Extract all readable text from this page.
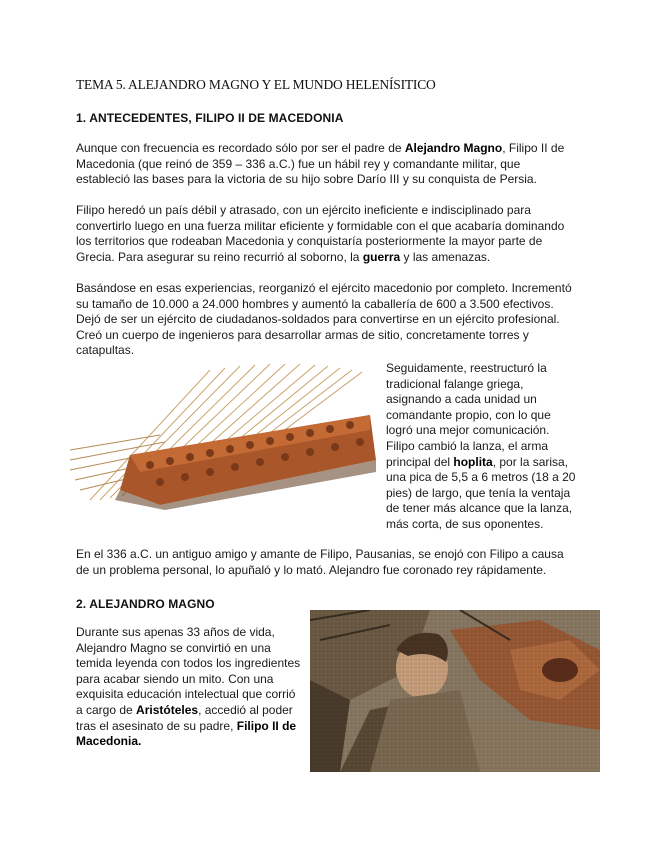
TEMA 5. ALEJANDRO MAGNO Y EL MUNDO HELENÍSITICO
1. ANTECEDENTES, FILIPO II DE MACEDONIA
Aunque con frecuencia es recordado sólo por ser el padre de Alejandro Magno, Filipo II de Macedonia (que reinó de 359 – 336 a.C.) fue un hábil rey y comandante militar, que estableció las bases para la victoria de su hijo sobre Darío III y su conquista de Persia.
Filipo heredó un país débil y atrasado, con un ejército ineficiente e indisciplinado para convertirlo luego en una fuerza militar eficiente y formidable con el que acabaría dominando los territorios que rodeaban Macedonia y conquistaría posteriormente la mayor parte de Grecia. Para asegurar su reino recurrió al soborno, la guerra y las amenazas.
Basándose en esas experiencias, reorganizó el ejército macedonio por completo. Incrementó su tamaño de 10.000 a 24.000 hombres y aumentó la caballería de 600 a 3.500 efectivos. Dejó de ser un ejército de ciudadanos-soldados para convertirse en un ejército profesional. Creó un cuerpo de ingenieros para desarrollar armas de sitio, concretamente torres y catapultas.
Seguidamente, reestructuró la tradicional falange griega, asignando a cada unidad un comandante propio, con lo que logró una mejor comunicación. Filipo cambió la lanza, el arma principal del hoplita, por la sarisa, una pica de 5,5 a 6 metros (18 a 20 pies) de largo, que tenía la ventaja de tener más alcance que la lanza, más corta, de sus oponentes.
En el 336 a.C. un antiguo amigo y amante de Filipo, Pausanias, se enojó con Filipo a causa de un problema personal, lo apuñaló y lo mató. Alejandro fue coronado rey rápidamente.
2. ALEJANDRO MAGNO
Durante sus apenas 33 años de vida, Alejandro Magno se convirtió en una temida leyenda con todos los ingredientes para acabar siendo un mito. Con una exquisita educación intelectual que corrió a cargo de Aristóteles, accedió al poder tras el asesinato de su padre, Filipo II de Macedonia.
